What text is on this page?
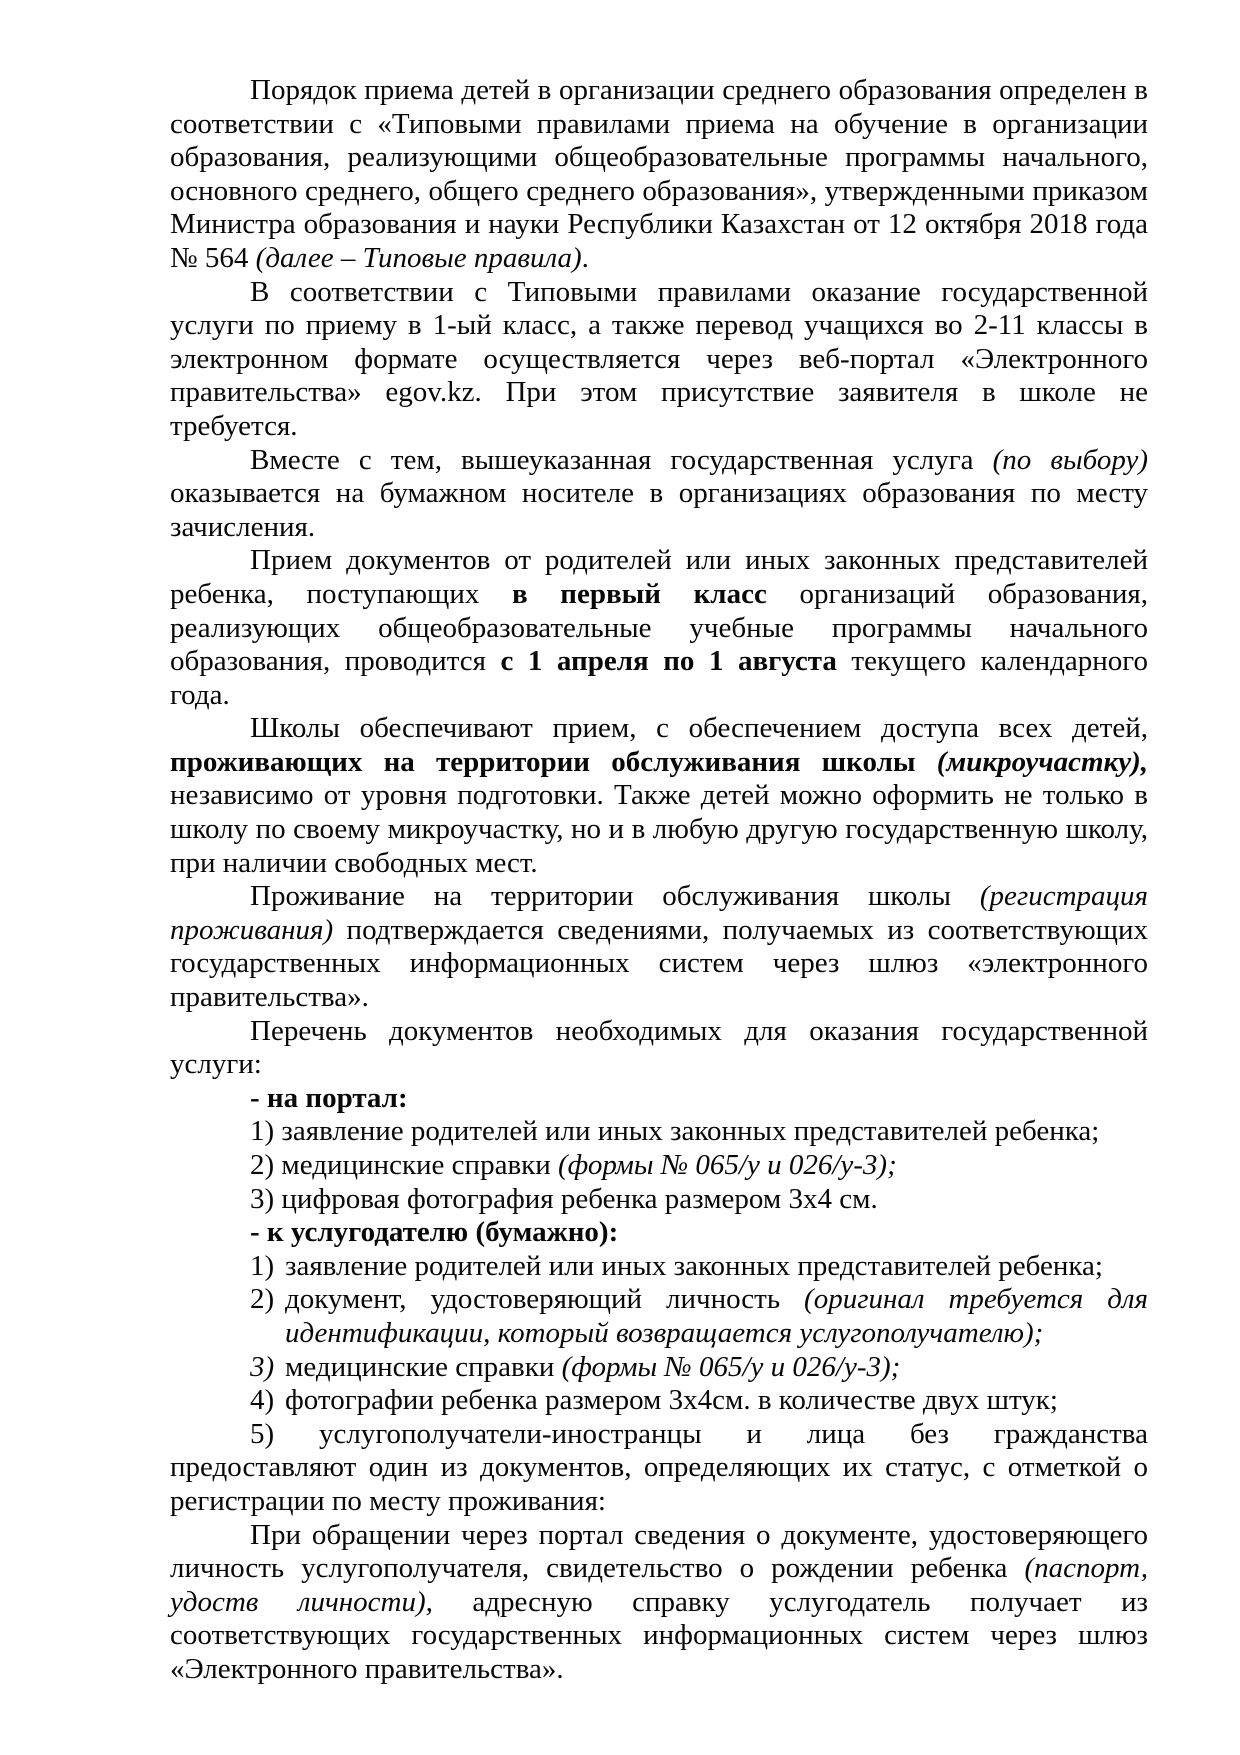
Порядок приема детей в организации среднего образования определен в соответствии с «Типовыми правилами приема на обучение в организации образования, реализующими общеобразовательные программы начального, основного среднего, общего среднего образования», утвержденными приказом Министра образования и науки Республики Казахстан от 12 октября 2018 года № 564 (далее – Типовые правила).

В соответствии с Типовыми правилами оказание государственной услуги по приему в 1-ый класс, а также перевод учащихся во 2-11 классы в электронном формате осуществляется через веб-портал «Электронного правительства» egov.kz. При этом присутствие заявителя в школе не требуется.

Вместе с тем, вышеуказанная государственная услуга (по выбору) оказывается на бумажном носителе в организациях образования по месту зачисления.

Прием документов от родителей или иных законных представителей ребенка, поступающих в первый класс организаций образования, реализующих общеобразовательные учебные программы начального образования, проводится с 1 апреля по 1 августа текущего календарного года.

Школы обеспечивают прием, с обеспечением доступа всех детей, проживающих на территории обслуживания школы (микроучастку), независимо от уровня подготовки. Также детей можно оформить не только в школу по своему микроучастку, но и в любую другую государственную школу, при наличии свободных мест.

Проживание на территории обслуживания школы (регистрация проживания) подтверждается сведениями, получаемых из соответствующих государственных информационных систем через шлюз «электронного правительства».

Перечень документов необходимых для оказания государственной услуги:

- на портал:

1) заявление родителей или иных законных представителей ребенка;

2) медицинские справки (формы № 065/у и 026/у-3);

3) цифровая фотография ребенка размером 3х4 см.

- к услугодателю (бумажно):

1) заявление родителей или иных законных представителей ребенка;

2) документ, удостоверяющий личность (оригинал требуется для идентификации, который возвращается услугополучателю);

3) медицинские справки (формы № 065/у и 026/у-3);

4) фотографии ребенка размером 3х4см. в количестве двух штук;

5) услугополучатели-иностранцы и лица без гражданства предоставляют один из документов, определяющих их статус, с отметкой о регистрации по месту проживания:

При обращении через портал сведения о документе, удостоверяющего личность услугополучателя, свидетельство о рождении ребенка (паспорт, удоств личности), адресную справку услугодатель получает из соответствующих государственных информационных систем через шлюз «Электронного правительства».
